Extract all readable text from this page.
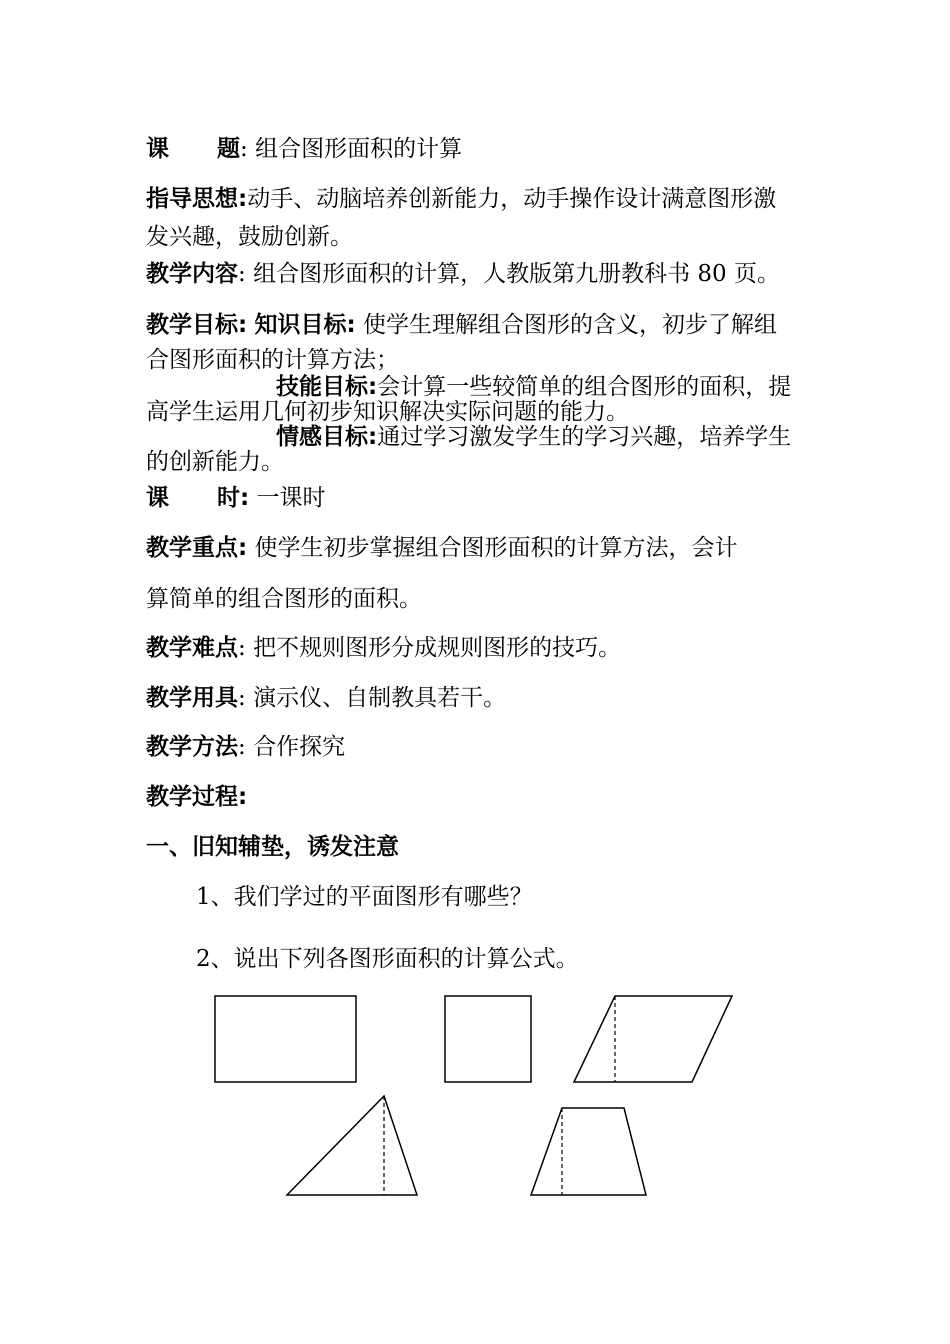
课 题: 组合图形面积的计算
指导思想:动手、动脑培养创新能力，动手操作设计满意图形激
发兴趣，鼓励创新。
教学内容: 组合图形面积的计算，人教版第九册教科书 80 页。
教学目标: 知识目标: 使学生理解组合图形的含义，初步了解组
合图形面积的计算方法；
技能目标:会计算一些较简单的组合图形的面积，提
高学生运用几何初步知识解决实际问题的能力。
情感目标:通过学习激发学生的学习兴趣，培养学生
的创新能力。
课 时: 一课时
教学重点: 使学生初步掌握组合图形面积的计算方法，会计
算简单的组合图形的面积。
教学难点: 把不规则图形分成规则图形的技巧。
教学用具: 演示仪、自制教具若干。
教学方法: 合作探究
教学过程:
一、旧知辅垫，诱发注意
1、我们学过的平面图形有哪些？
2、说出下列各图形面积的计算公式。
